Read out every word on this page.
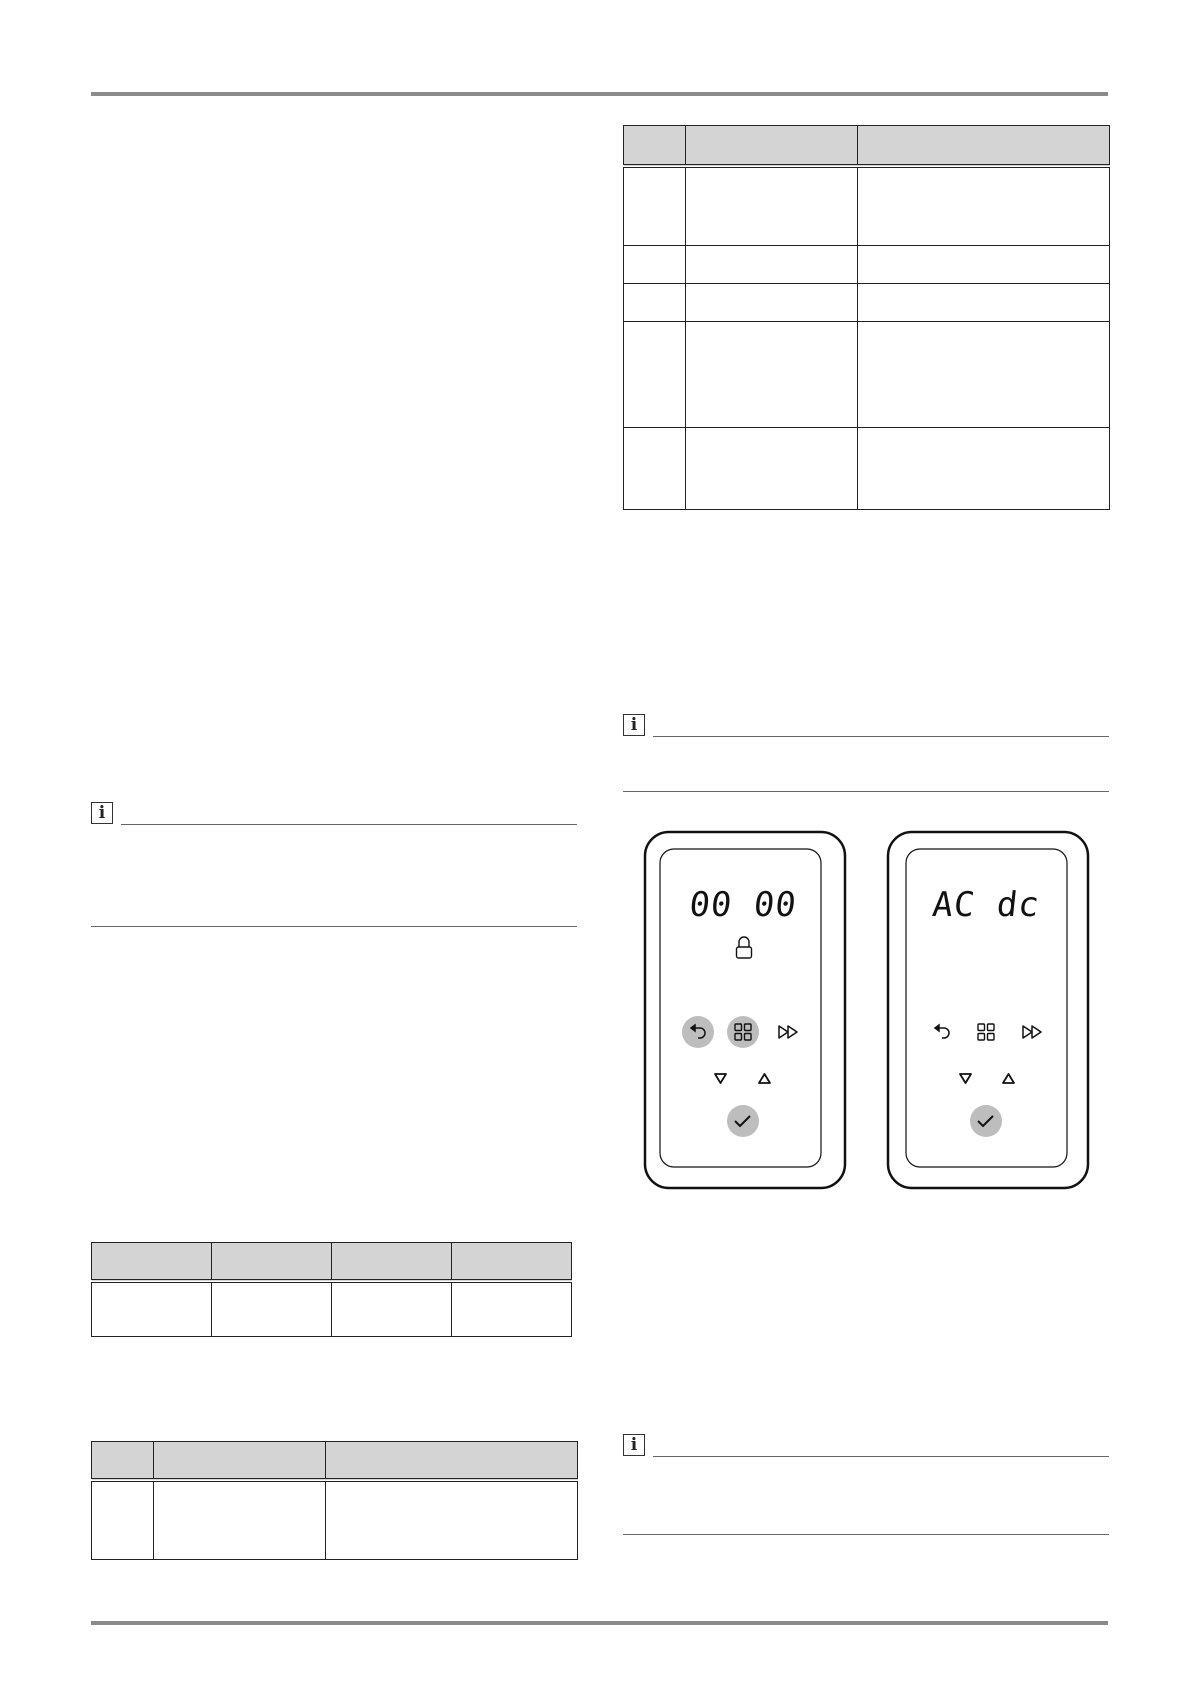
i

i
00 00	AC dc
i
